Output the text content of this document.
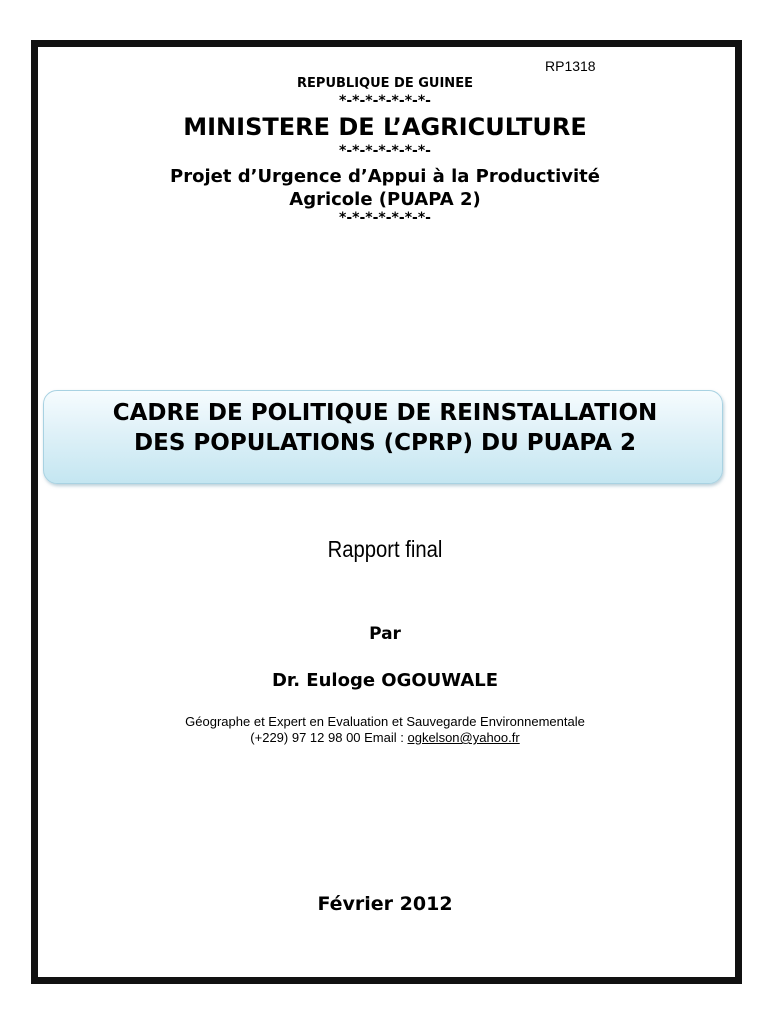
RP1318
REPUBLIQUE DE GUINEE
*-*-*-*-*-*-*-
MINISTERE DE L’AGRICULTURE
*-*-*-*-*-*-*-
Projet d’Urgence d’Appui à la Productivité
Agricole (PUAPA 2)
*-*-*-*-*-*-*-
CADRE DE POLITIQUE DE REINSTALLATION
DES POPULATIONS (CPRP) DU PUAPA 2
Rapport final
Par
Dr. Euloge OGOUWALE
Géographe et Expert en Evaluation et Sauvegarde Environnementale
(+229) 97 12 98 00 Email : ogkelson@yahoo.fr
Février 2012
